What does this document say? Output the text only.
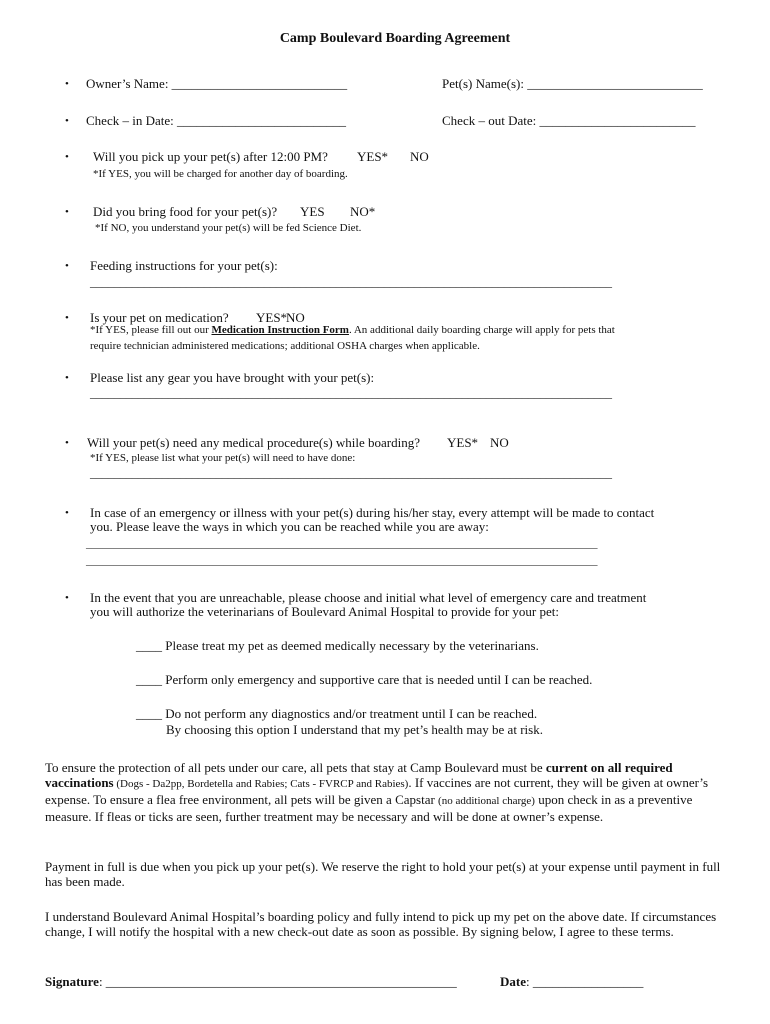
Camp Boulevard Boarding Agreement
• Owner’s Name: ___________________________	Pet(s) Name(s): ___________________________
• Check – in Date: __________________________	Check – out Date: ________________________
• Will you pick up your pet(s) after 12:00 PM? YES* NO
*If YES, you will be charged for another day of boarding.
• Did you bring food for your pet(s)? YES NO*
*If NO, you understand your pet(s) will be fed Science Diet.
• Feeding instructions for your pet(s):
_______________________________________________________________________________________
• Is your pet on medication? YES*
NO
*If YES, please fill out our Medication Instruction Form. An additional daily boarding charge will apply for pets that
require technician administered medications; additional OSHA charges when applicable.
• Please list any gear you have brought with your pet(s):
_______________________________________________________________________________________
• Will your pet(s) need any medical procedure(s) while boarding? YES* NO
*If YES, please list what your pet(s) will need to have done:
_______________________________________________________________________________________
• In case of an emergency or illness with your pet(s) during his/her stay, every attempt will be made to contact
you. Please leave the ways in which you can be reached while you are away:
_____________________________________________________________________________________________
_____________________________________________________________________________________________
• In the event that you are unreachable, please choose and initial what level of emergency care and treatment
you will authorize the veterinarians of Boulevard Animal Hospital to provide for your pet:
____ Please treat my pet as deemed medically necessary by the veterinarians.
____ Perform only emergency and supportive care that is needed until I can be reached.
____ Do not perform any diagnostics and/or treatment until I can be reached.
By choosing this option I understand that my pet’s health may be at risk.
To ensure the protection of all pets under our care, all pets that stay at Camp Boulevard must be current on all required vaccinations (Dogs - Da2pp, Bordetella and Rabies; Cats - FVRCP and Rabies). If vaccines are not current, they will be given at owner’s expense. To ensure a flea free environment, all pets will be given a Capstar (no additional charge) upon check in as a preventive measure. If fleas or ticks are seen, further treatment may be necessary and will be done at owner’s expense.
Payment in full is due when you pick up your pet(s). We reserve the right to hold your pet(s) at your expense until payment in full has been made.
I understand Boulevard Animal Hospital’s boarding policy and fully intend to pick up my pet on the above date. If circumstances change, I will notify the hospital with a new check-out date as soon as possible. By signing below, I agree to these terms.
Signature: ______________________________________________________	Date: _________________
